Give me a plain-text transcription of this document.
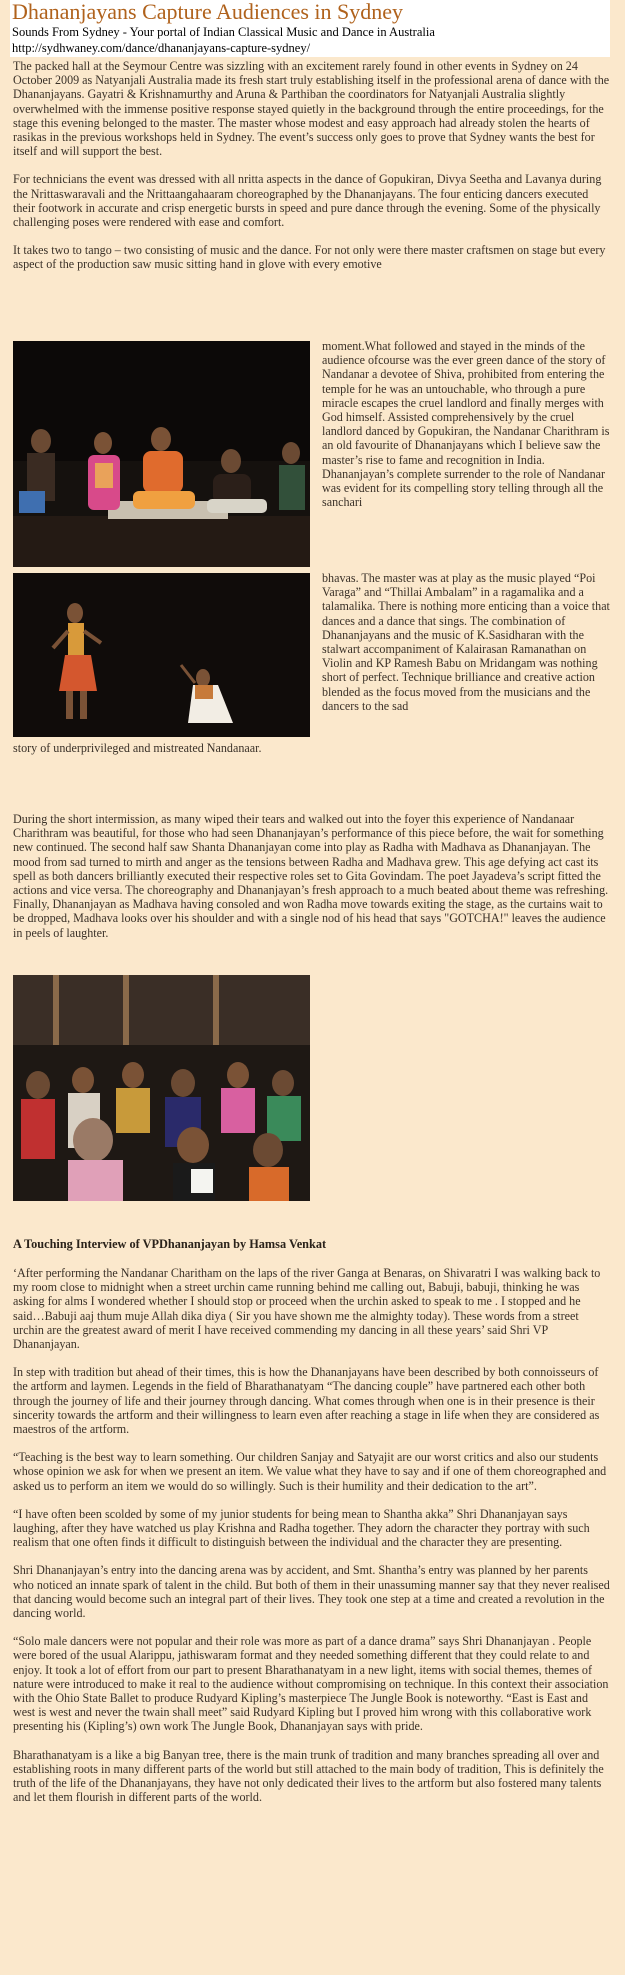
Dhananjayans Capture Audiences in Sydney
Sounds From Sydney - Your portal of Indian Classical Music and Dance in Australia
http://sydhwaney.com/dance/dhananjayans-capture-sydney/

The packed hall at the Seymour Centre was sizzling with an excitement rarely found in other events in Sydney on 24 October 2009 as Natyanjali Australia made its fresh start truly establishing itself in the professional arena of dance with the Dhananjayans. Gayatri & Krishnamurthy and Aruna & Parthiban the coordinators for Natyanjali Australia slightly overwhelmed with the immense positive response stayed quietly in the background through the entire proceedings, for the stage this evening belonged to the master. The master whose modest and easy approach had already stolen the hearts of rasikas in the previous workshops held in Sydney. The event’s success only goes to prove that Sydney wants the best for itself and will support the best.

For technicians the event was dressed with all nritta aspects in the dance of Gopukiran, Divya Seetha and Lavanya during the Nrittaswaravali and the Nrittaangahaaram choreographed by the Dhananjayans. The four enticing dancers executed their footwork in accurate and crisp energetic bursts in speed and pure dance through the evening. Some of the physically challenging poses were rendered with ease and comfort.

It takes two to tango – two consisting of music and the dance. For not only were there master craftsmen on stage but every aspect of the production saw music sitting hand in glove with every emotive

moment.What followed and stayed in the minds of the audience ofcourse was the ever green dance of the story of Nandanar a devotee of Shiva, prohibited from entering the temple for he was an untouchable, who through a pure miracle escapes the cruel landlord and finally merges with God himself. Assisted comprehensively by the cruel landlord danced by Gopukiran, the Nandanar Charithram is an old favourite of Dhananjayans which I believe saw the master’s rise to fame and recognition in India. Dhananjayan’s complete surrender to the role of Nandanar was evident for its compelling story telling through all the sanchari
bhavas. The master was at play as the music played “Poi Varaga” and “Thillai Ambalam” in a ragamalika and a talamalika. There is nothing more enticing than a voice that dances and a dance that sings. The combination of Dhananjayans and the music of K.Sasidharan with the stalwart accompaniment of Kalairasan Ramanathan on Violin and KP Ramesh Babu on Mridangam was nothing short of perfect. Technique brilliance and creative action blended as the focus moved from the musicians and the dancers to the sad
story of underprivileged and mistreated Nandanaar.
During the short intermission, as many wiped their tears and walked out into the foyer this experience of Nandanaar Charithram was beautiful, for those who had seen Dhananjayan’s performance of this piece before, the wait for something new continued. The second half saw Shanta Dhananjayan come into play as Radha with Madhava as Dhananjayan. The mood from sad turned to mirth and anger as the tensions between Radha and Madhava grew. This age defying act cast its spell as both dancers brilliantly executed their respective roles set to Gita Govindam. The poet Jayadeva’s script fitted the actions and vice versa. The choreography and Dhananjayan’s fresh approach to a much beated about theme was refreshing. Finally, Dhananjayan as Madhava having consoled and won Radha move towards exiting the stage, as the curtains wait to be dropped, Madhava looks over his shoulder and with a single nod of his head that says "GOTCHA!" leaves the audience in peels of laughter.
A Touching Interview of VPDhananjayan by Hamsa Venkat

‘After performing the Nandanar Charitham on the laps of the river Ganga at Benaras, on Shivaratri I was walking back to my room close to midnight when a street urchin came running behind me calling out, Babuji, babuji, thinking he was asking for alms I wondered whether I should stop or proceed when the urchin asked to speak to me . I stopped and he said…Babuji aaj thum muje Allah dika diya ( Sir you have shown me the almighty today). These words from a street urchin are the greatest award of merit I have received commending my dancing in all these years’ said Shri VP Dhananjayan.

In step with tradition but ahead of their times, this is how the Dhananjayans have been described by both connoisseurs of the artform and laymen. Legends in the field of Bharathanatyam “The dancing couple” have partnered each other both through the journey of life and their journey through dancing. What comes through when one is in their presence is their sincerity towards the artform and their willingness to learn even after reaching a stage in life when they are considered as maestros of the artform.

“Teaching is the best way to learn something. Our children Sanjay and Satyajit are our worst critics and also our students whose opinion we ask for when we present an item. We value what they have to say and if one of them choreographed and asked us to perform an item we would do so willingly. Such is their humility and their dedication to the art”.

“I have often been scolded by some of my junior students for being mean to Shantha akka” Shri Dhananjayan says laughing, after they have watched us play Krishna and Radha together. They adorn the character they portray with such realism that one often finds it difficult to distinguish between the individual and the character they are presenting.

Shri Dhananjayan’s entry into the dancing arena was by accident, and Smt. Shantha’s entry was planned by her parents who noticed an innate spark of talent in the child. But both of them in their unassuming manner say that they never realised that dancing would become such an integral part of their lives. They took one step at a time and created a revolution in the dancing world.

“Solo male dancers were not popular and their role was more as part of a dance drama” says Shri Dhananjayan . People were bored of the usual Alarippu, jathiswaram format and they needed something different that they could relate to and enjoy. It took a lot of effort from our part to present Bharathanatyam in a new light, items with social themes, themes of nature were introduced to make it real to the audience without compromising on technique. In this context their association with the Ohio State Ballet to produce Rudyard Kipling’s masterpiece The Jungle Book is noteworthy. “East is East and west is west and never the twain shall meet” said Rudyard Kipling but I proved him wrong with this collaborative work presenting his (Kipling’s) own work The Jungle Book, Dhananjayan says with pride.

Bharathanatyam is a like a big Banyan tree, there is the main trunk of tradition and many branches spreading all over and establishing roots in many different parts of the world but still attached to the main body of tradition, This is definitely the truth of the life of the Dhananjayans, they have not only dedicated their lives to the artform but also fostered many talents and let them flourish in different parts of the world.
